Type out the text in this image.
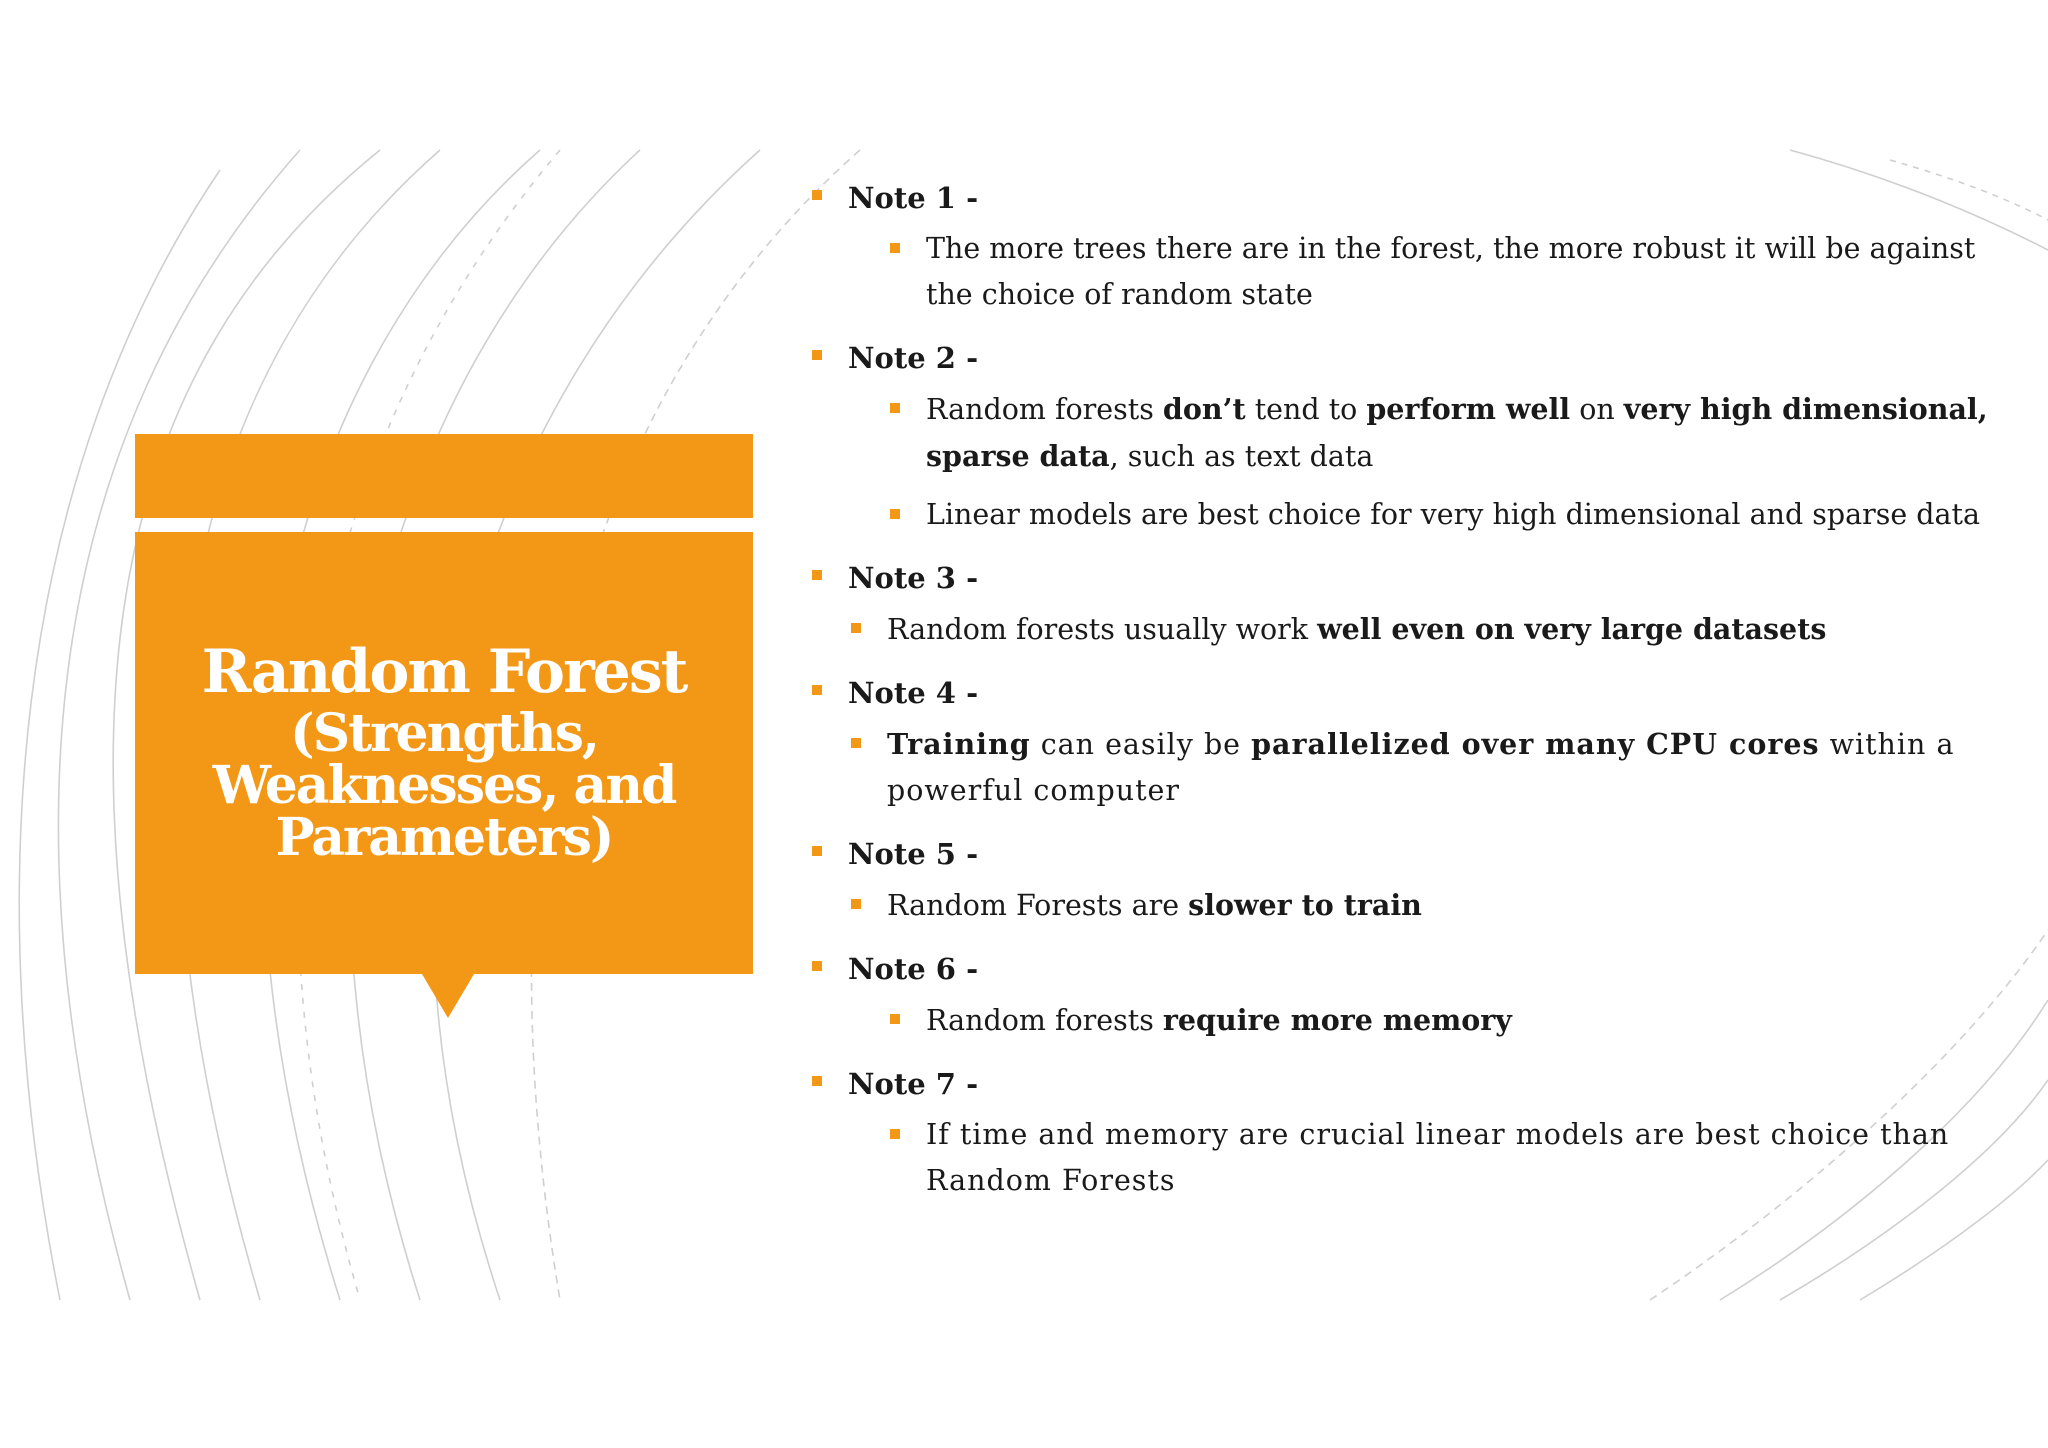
Random Forest
(Strengths,
Weaknesses, and
Parameters)
Note 1 -
The more trees there are in the forest, the more robust it will be against the choice of random state
Note 2 -
Random forests don’t tend to perform well on very high dimensional, sparse data, such as text data
Linear models are best choice for very high dimensional and sparse data
Note 3 -
Random forests usually work well even on very large datasets
Note 4 -
Training can easily be parallelized over many CPU cores within a powerful computer
Note 5 -
Random Forests are slower to train
Note 6 -
Random forests require more memory
Note 7 -
If time and memory are crucial linear models are best choice than Random Forests
